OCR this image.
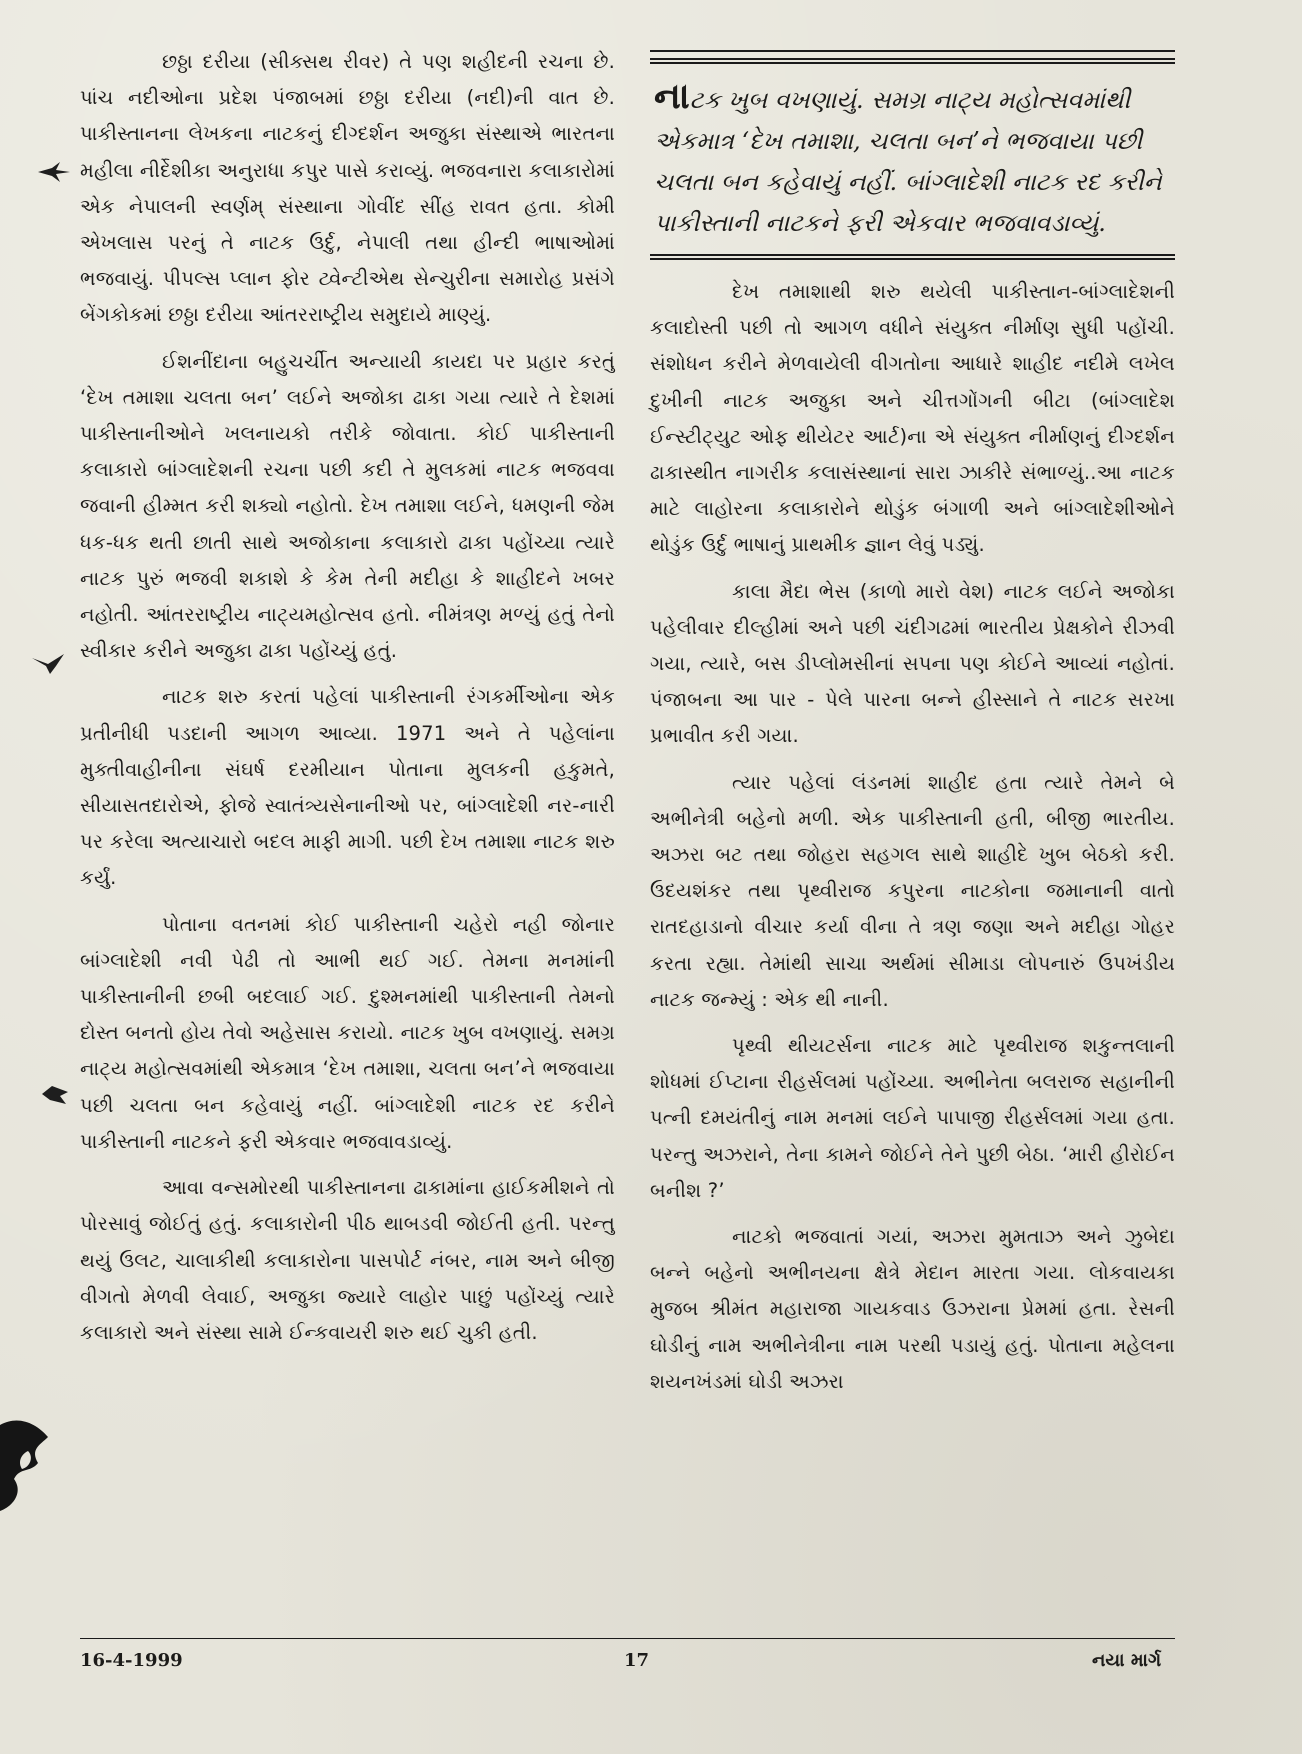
છઠ્ઠા દરીયા (સીક્સથ રીવર) તે પણ શહીદની રચના છે. પાંચ નદીઓના પ્રદેશ પંજાબમાં છઠ્ઠા દરીયા (નદી)ની વાત છે. પાકીસ્તાનના લેખકના નાટકનું દીગ્દર્શન અજુકા સંસ્થાએ ભારતના મહીલા નીર્દેશીકા અનુરાધા કપુર પાસે કરાવ્યું. ભજવનારા કલાકારોમાં એક નેપાલની સ્વર્ણમ્ સંસ્થાના ગોવીંદ સીંહ રાવત હતા. કોમી એખલાસ પરનું તે નાટક ઉર્દુ, નેપાલી તથા હીન્દી ભાષાઓમાં ભજવાયું. પીપલ્સ પ્લાન ફોર ટ્વેન્ટીએથ સેન્ચુરીના સમારોહ પ્રસંગે બેંગકોકમાં છઠ્ઠા દરીયા આંતરરાષ્ટ્રીય સમુદાયે માણ્યું.

ઈશનીંદાના બહુચર્ચીત અન્યાયી કાયદા પર પ્રહાર કરતું ‘દેખ તમાશા ચલતા બન’ લઈને અજોકા ઢાકા ગયા ત્યારે તે દેશમાં પાકીસ્તાનીઓને ખલનાયકો તરીકે જોવાતા. કોઈ પાકીસ્તાની કલાકારો બાંગ્લાદેશની રચના પછી કદી તે મુલકમાં નાટક ભજવવા જવાની હીમ્મત કરી શક્યો નહોતો. દેખ તમાશા લઈને, ધમણની જેમ ધક-ધક થતી છાતી સાથે અજોકાના કલાકારો ઢાકા પહોંચ્યા ત્યારે નાટક પુરું ભજવી શકાશે કે કેમ તેની મદીહા કે શાહીદને ખબર નહોતી. આંતરરાષ્ટ્રીય નાટ્યમહોત્સવ હતો. નીમંત્રણ મળ્યું હતું તેનો સ્વીકાર કરીને અજુકા ઢાકા પહોંચ્યું હતું.

નાટક શરુ કરતાં પહેલાં પાકીસ્તાની રંગકર્મીઓના એક પ્રતીનીધી પડદાની આગળ આવ્યા. 1971 અને તે પહેલાંના મુક્તીવાહીનીના સંઘર્ષ દરમીયાન પોતાના મુલકની હકુમતે, સીયાસતદારોએ, ફોજે સ્વાતંત્ર્યસેનાનીઓ પર, બાંગ્લાદેશી નર-નારી પર કરેલા અત્યાચારો બદલ માફી માગી. પછી દેખ તમાશા નાટક શરુ કર્યું.

પોતાના વતનમાં કોઈ પાકીસ્તાની ચહેરો નહી જોનાર બાંગ્લાદેશી નવી પેઢી તો આભી થઈ ગઈ. તેમના મનમાંની પાકીસ્તાનીની છબી બદલાઈ ગઈ. દુશ્મનમાંથી પાકીસ્તાની તેમનો દોસ્ત બનતો હોય તેવો અહેસાસ કરાયો. નાટક ખુબ વખણાયું. સમગ્ર નાટ્ય મહોત્સવમાંથી એકમાત્ર ‘દેખ તમાશા, ચલતા બન’ને ભજવાયા પછી ચલતા બન કહેવાયું નહીં. બાંગ્લાદેશી નાટક રદ કરીને પાકીસ્તાની નાટકને ફરી એકવાર ભજવાવડાવ્યું.

આવા વન્સમોરથી પાકીસ્તાનના ઢાકામાંના હાઈકમીશને તો પોરસાવું જોઈતું હતું. કલાકારોની પીઠ થાબડવી જોઈતી હતી. પરન્તુ થયું ઉલટ, ચાલાકીથી કલાકારોના પાસપોર્ટ નંબર, નામ અને બીજી વીગતો મેળવી લેવાઈ, અજુકા જ્યારે લાહોર પાછું પહોંચ્યું ત્યારે કલાકારો અને સંસ્થા સામે ઈન્કવાયરી શરુ થઈ ચુકી હતી.

નાટક ખુબ વખણાયું. સમગ્ર નાટ્ય મહોત્સવમાંથી એકમાત્ર ‘દેખ તમાશા, ચલતા બન’ને ભજવાયા પછી ચલતા બન કહેવાયું નહીં. બાંગ્લાદેશી નાટક રદ કરીને પાકીસ્તાની નાટકને ફરી એકવાર ભજવાવડાવ્યું.

દેખ તમાશાથી શરુ થયેલી પાકીસ્તાન-બાંગ્લાદેશની કલાદોસ્તી પછી તો આગળ વધીને સંયુક્ત નીર્માણ સુધી પહોંચી. સંશોધન કરીને મેળવાયેલી વીગતોના આધારે શાહીદ નદીમે લખેલ દુખીની નાટક અજુકા અને ચીત્તગોંગની બીટા (બાંગ્લાદેશ ઈન્સ્ટીટ્યુટ ઓફ થીયેટર આર્ટ)ના એ સંયુક્ત નીર્માણનું દીગ્દર્શન ઢાકાસ્થીત નાગરીક કલાસંસ્થાનાં સારા ઝાકીરે સંભાળ્યું..આ નાટક માટે લાહોરના કલાકારોને થોડુંક બંગાળી અને બાંગ્લાદેશીઓને થોડુંક ઉર્દુ ભાષાનું પ્રાથમીક જ્ઞાન લેવું પડ્યું.

કાલા મૈદા ભેસ (કાળો મારો વેશ) નાટક લઈને અજોકા પહેલીવાર દીલ્હીમાં અને પછી ચંદીગઢમાં ભારતીય પ્રેક્ષકોને રીઝવી ગયા, ત્યારે, બસ ડીપ્લોમસીનાં સપના પણ કોઈને આવ્યાં નહોતાં. પંજાબના આ પાર - પેલે પારના બન્ને હીસ્સાને તે નાટક સરખા પ્રભાવીત કરી ગયા.

ત્યાર પહેલાં લંડનમાં શાહીદ હતા ત્યારે તેમને બે અભીનેત્રી બહેનો મળી. એક પાકીસ્તાની હતી, બીજી ભારતીય. અઝરા બટ તથા જોહરા સહગલ સાથે શાહીદે ખુબ બેઠકો કરી. ઉદયશંકર તથા પૃથ્વીરાજ કપુરના નાટકોના જમાનાની વાતો રાતદહાડાનો વીચાર કર્યા વીના તે ત્રણ જણા અને મદીહા ગોહર કરતા રહ્યા. તેમાંથી સાચા અર્થમાં સીમાડા લોપનારું ઉપખંડીય નાટક જન્મ્યું : એક થી નાની.

પૃથ્વી થીયટર્સના નાટક માટે પૃથ્વીરાજ શકુન્તલાની શોધમાં ઈપ્ટાના રીહર્સલમાં પહોંચ્યા. અભીનેતા બલરાજ સહાનીની પત્ની દમયંતીનું નામ મનમાં લઈને પાપાજી રીહર્સલમાં ગયા હતા. પરન્તુ અઝરાને, તેના કામને જોઈને તેને પુછી બેઠા. ‘મારી હીરોઈન બનીશ ?’

નાટકો ભજવાતાં ગયાં, અઝરા મુમતાઝ અને ઝુબેદા બન્ને બહેનો અભીનયના ક્ષેત્રે મેદાન મારતા ગયા. લોકવાયકા મુજબ શ્રીમંત મહારાજા ગાયકવાડ ઉઝરાના પ્રેમમાં હતા. રેસની ઘોડીનું નામ અભીનેત્રીના નામ પરથી પડાયું હતું. પોતાના મહેલના શયનખંડમાં ઘોડી અઝરા

16-4-1999	17	નયા માર્ગ
